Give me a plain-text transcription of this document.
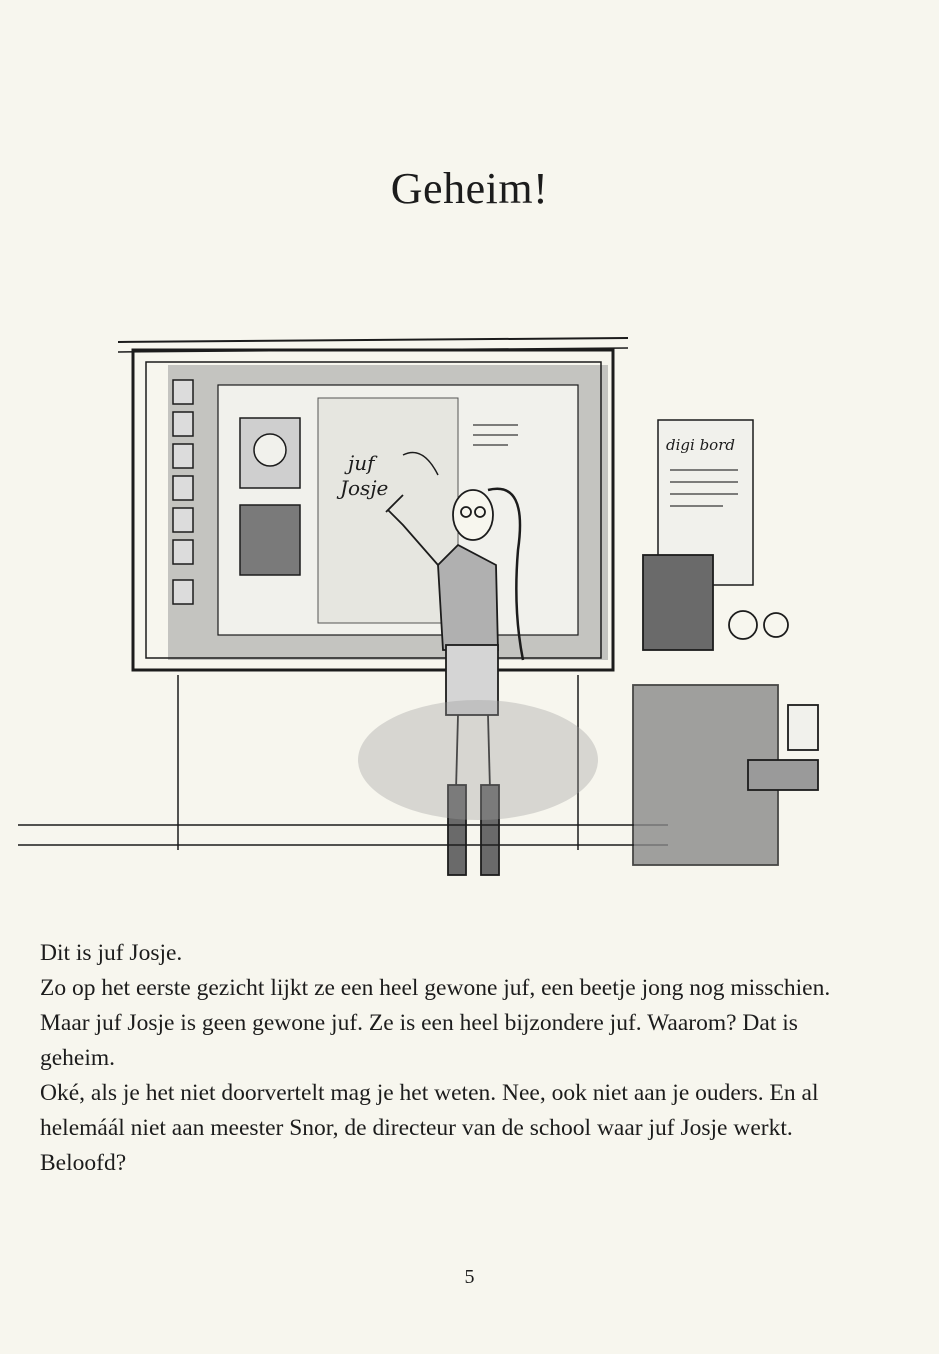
Geheim!
juf
Josje
digi bord

Dit is juf Josje.

Zo op het eerste gezicht lijkt ze een heel gewone juf, een beetje jong nog misschien. Maar juf Josje is geen gewone juf. Ze is een heel bijzondere juf. Waarom? Dat is geheim.

Oké, als je het niet doorvertelt mag je het weten. Nee, ook niet aan je ouders. En al helemáál niet aan meester Snor, de directeur van de school waar juf Josje werkt.

Beloofd?

5
